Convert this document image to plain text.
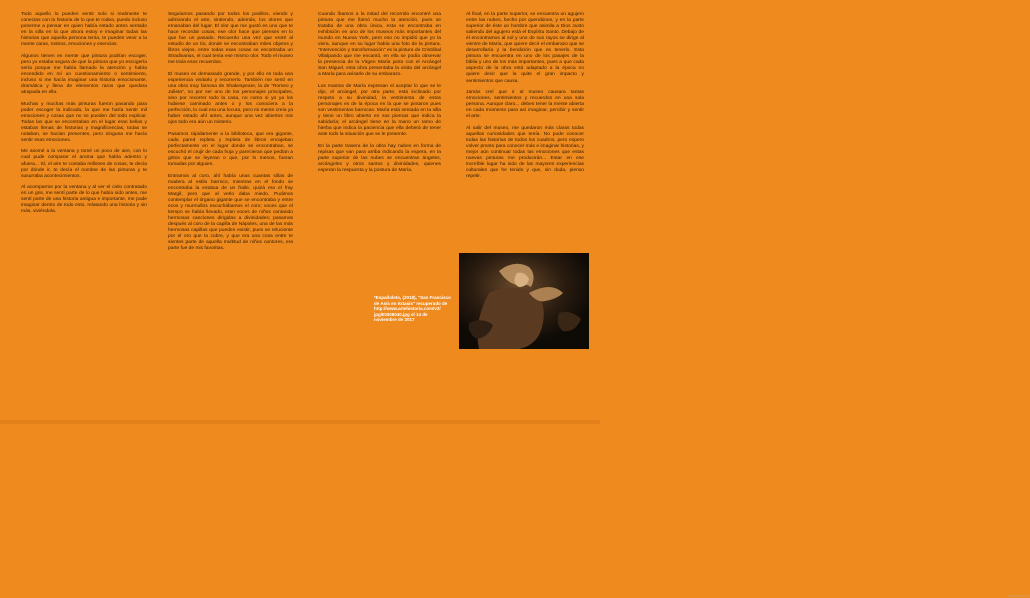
Todo aquello lo pueden sentir solo si realmente te conectas con la historia de lo que te rodea, puedo incluso ponerme a pensar en quien había estado antes sentado en la silla en la que ahora estoy e imaginar todas las historias que aquella persona tenía, te pueden venir a la mente caras, rostros, emociones y esencias.

Algunos tienen en mente que pintura podrían escoger, pero yo estaba segura de que la pintura que yo escogería sería porque me había llamado la atención y había encendido en mí un cuestionamiento o sentimiento, incluso si me hacía imaginar una historia emocionante, dramática y llena de elementos raros que quedara atrapada en ella.

Muchas y muchas más pinturas fueron pasando para poder escoger la indicada, la que me haría sentir mil emociones y cosas que no se pueden del todo explicar. Todas las que se encontraban en el lugar eran bellas y estaban llenas de historias y magnificencias, todas se notaban, se hacían presentes, pero ninguna me hacía sentir esas emociones.

Me asomé a la ventana y tomé un poco de aire, con lo cual pude comparar el aroma que había adentro y afuera... Sí, el aire te contaba millones de cosas, te decía por dónde ir, te decía el nombre de las pinturas y te susurraba acontecimientos.

Al acomparme por la ventana y al ver el cielo contratado en un gris, me sentí parte de lo que había sido antes, me sentí parte de una historia antigua e importante, me pude imaginar dentro de todo esto, relatando una historia y sin más, viviéndola.

Seguíamos pasando por todos los pasillos, viendo y admirando el arte, sintiendo, además, los olores que emanaban del lugar. El olor que me gustó es uno que te hace recordar cosas, ese olor hace que pienses en lo que fue un pasado. Recuerdo una vez que entré al estudio de un tío, donde se encontraban miles objetos y libros viejos, entre todas esas cosas se encontraba un Stradivarius, el cual tenía ese mismo olor. Todo el museo me traía esos recuerdos.

El museo es demasiado grande, y por ello es toda una experiencia visitarlo y recorrerlo. También me sentí en una obra muy famosa de Shakespeare, la de “Romeo y Julieta”, no por ser uno de los personajes principales, sino por recorrer todo la casa, no como si yo ya los hubiese caminado antes o y los conociera a la perfección, lo cual era una locura, pero mi mente creía ya haber estado ahí antes, aunque una vez abiertos mis ojos todo era aún un misterio.

Pasamos rápidamente a la biblioteca, que era gigante, cada pared repleta y repleta de libros encajeban perfectamente en el lugar donde se encontraban, se escuchó el crujir de cada hoja y parecieran que pedían a gritos que se leyeran o que, por lo menos, fueran tomadas por alguien.

Entramos al coro, ahí había unas cuantas sillas de madera al estilo barroco, mientras en el fondo se encontraba la estatua de un fraile, quizá era el fray Margil, pero que al verlo daba miedo. Pudimos contemplar el órgano gigante que se encontraba y entre ecos y murmullos escuchábamos el coro; voces que el tiempo se había llevado, eran voces de niños cantando hermosas canciones dirigidas a divinidades; pasamos después al coro de la capilla de Nápoles, una de las más hermosas capillas que pueden existir, pues se reluciente por el oro que la cubre, y que era una cosa entre te sientes parte de aquella multitud de niños cantores, era parte fue de mis favoritas.

Cuando íbamos a la mitad del recorrido encontré una pintura que me llamó mucho la atención, pues se trataba de una obra única, esta se encontraba en exhibición en uno de los museos más importantes del mundo en Nueva York, pero eso no impidió que yo la viera, aunque en su lugar había una foto de la pintura. “Intervención y transformación” es la pintura de Cristóbal Villalpando que me encantó, en ella se podía observar la presencia de la Virgen María junto con el Arcángel San Miguel, esta obra presentaba la visita del arcángel a María para avisarle de su embarazo.

Los mantos de María expresan el aceptar lo que se le dijo, el arcángel, por otra parte, está inclinado por respeto a su divinidad, la vestimenta de estos personajes es de la época en la que se pintaron pues son vestimentas barrocas. María está sentada en la silla y tiene un libro abierto en sus piernas que indica la sabiduría; el arcángel tiene en la mano un ramo de hierba que indica la paciencia que ella deberá de tener ante todo la situación que se le presente.

En la parte trasera de la obra hay nubes en forma de repisas que van para arriba indicando la espera, en la parte superior de las nubes se encuentran ángeles, arcángeles y otros santos y divinidades, quienes esperan la respuesta y la postura de María.

Al final, en la parte superior, se encuentra un agujero entre las nubes, hecho por querubines, y en la parte superior de éste un hombre que asimila a Dios Justo saliendo del agujero está el Espíritu Santo. Debajo de él encontramos al sol y uno de sus rayos se dirige al vientre de María, que quiere decir el embarazo que se desarrollaría y la bendición que es tenerlo. Esta pintura se encuentra en uno de los pasajes de la biblia y uno de los más importantes, pues a que cada aspecto de la obra está adaptado a la época no quiere decir que la quite el gran impacto y sentimientos que causa.

Jamás creí que ir al museo causara tantas emociones, sentimientos y recuerdos en una sola persona. Aunque claro... debes tener la mente abierta en cada momento para así imaginar, percibir y sentir el arte.

Al salir del museo, me quedaron más claras todas aquellas curiosidades que tenía. No pude conocer todas las historias de todos los cuadros, pero espero volver pronto para conocer más e imaginar historias, y mejor aún continuar todas las emociones que estas nuevas pinturas me producirán... Estar en ese increíble lugar ha sido de las mayores experiencias culturales que he tenido y que, sin duda, pienso repetir.

ArteHistoria
*Españoleto, (2018), "San Francisco
de Asís en éxtasis" recuperado de
http://www.artehistoria.com/v2/
jpg/ESI08040.jpg el 14 de
noviembre de 2017
